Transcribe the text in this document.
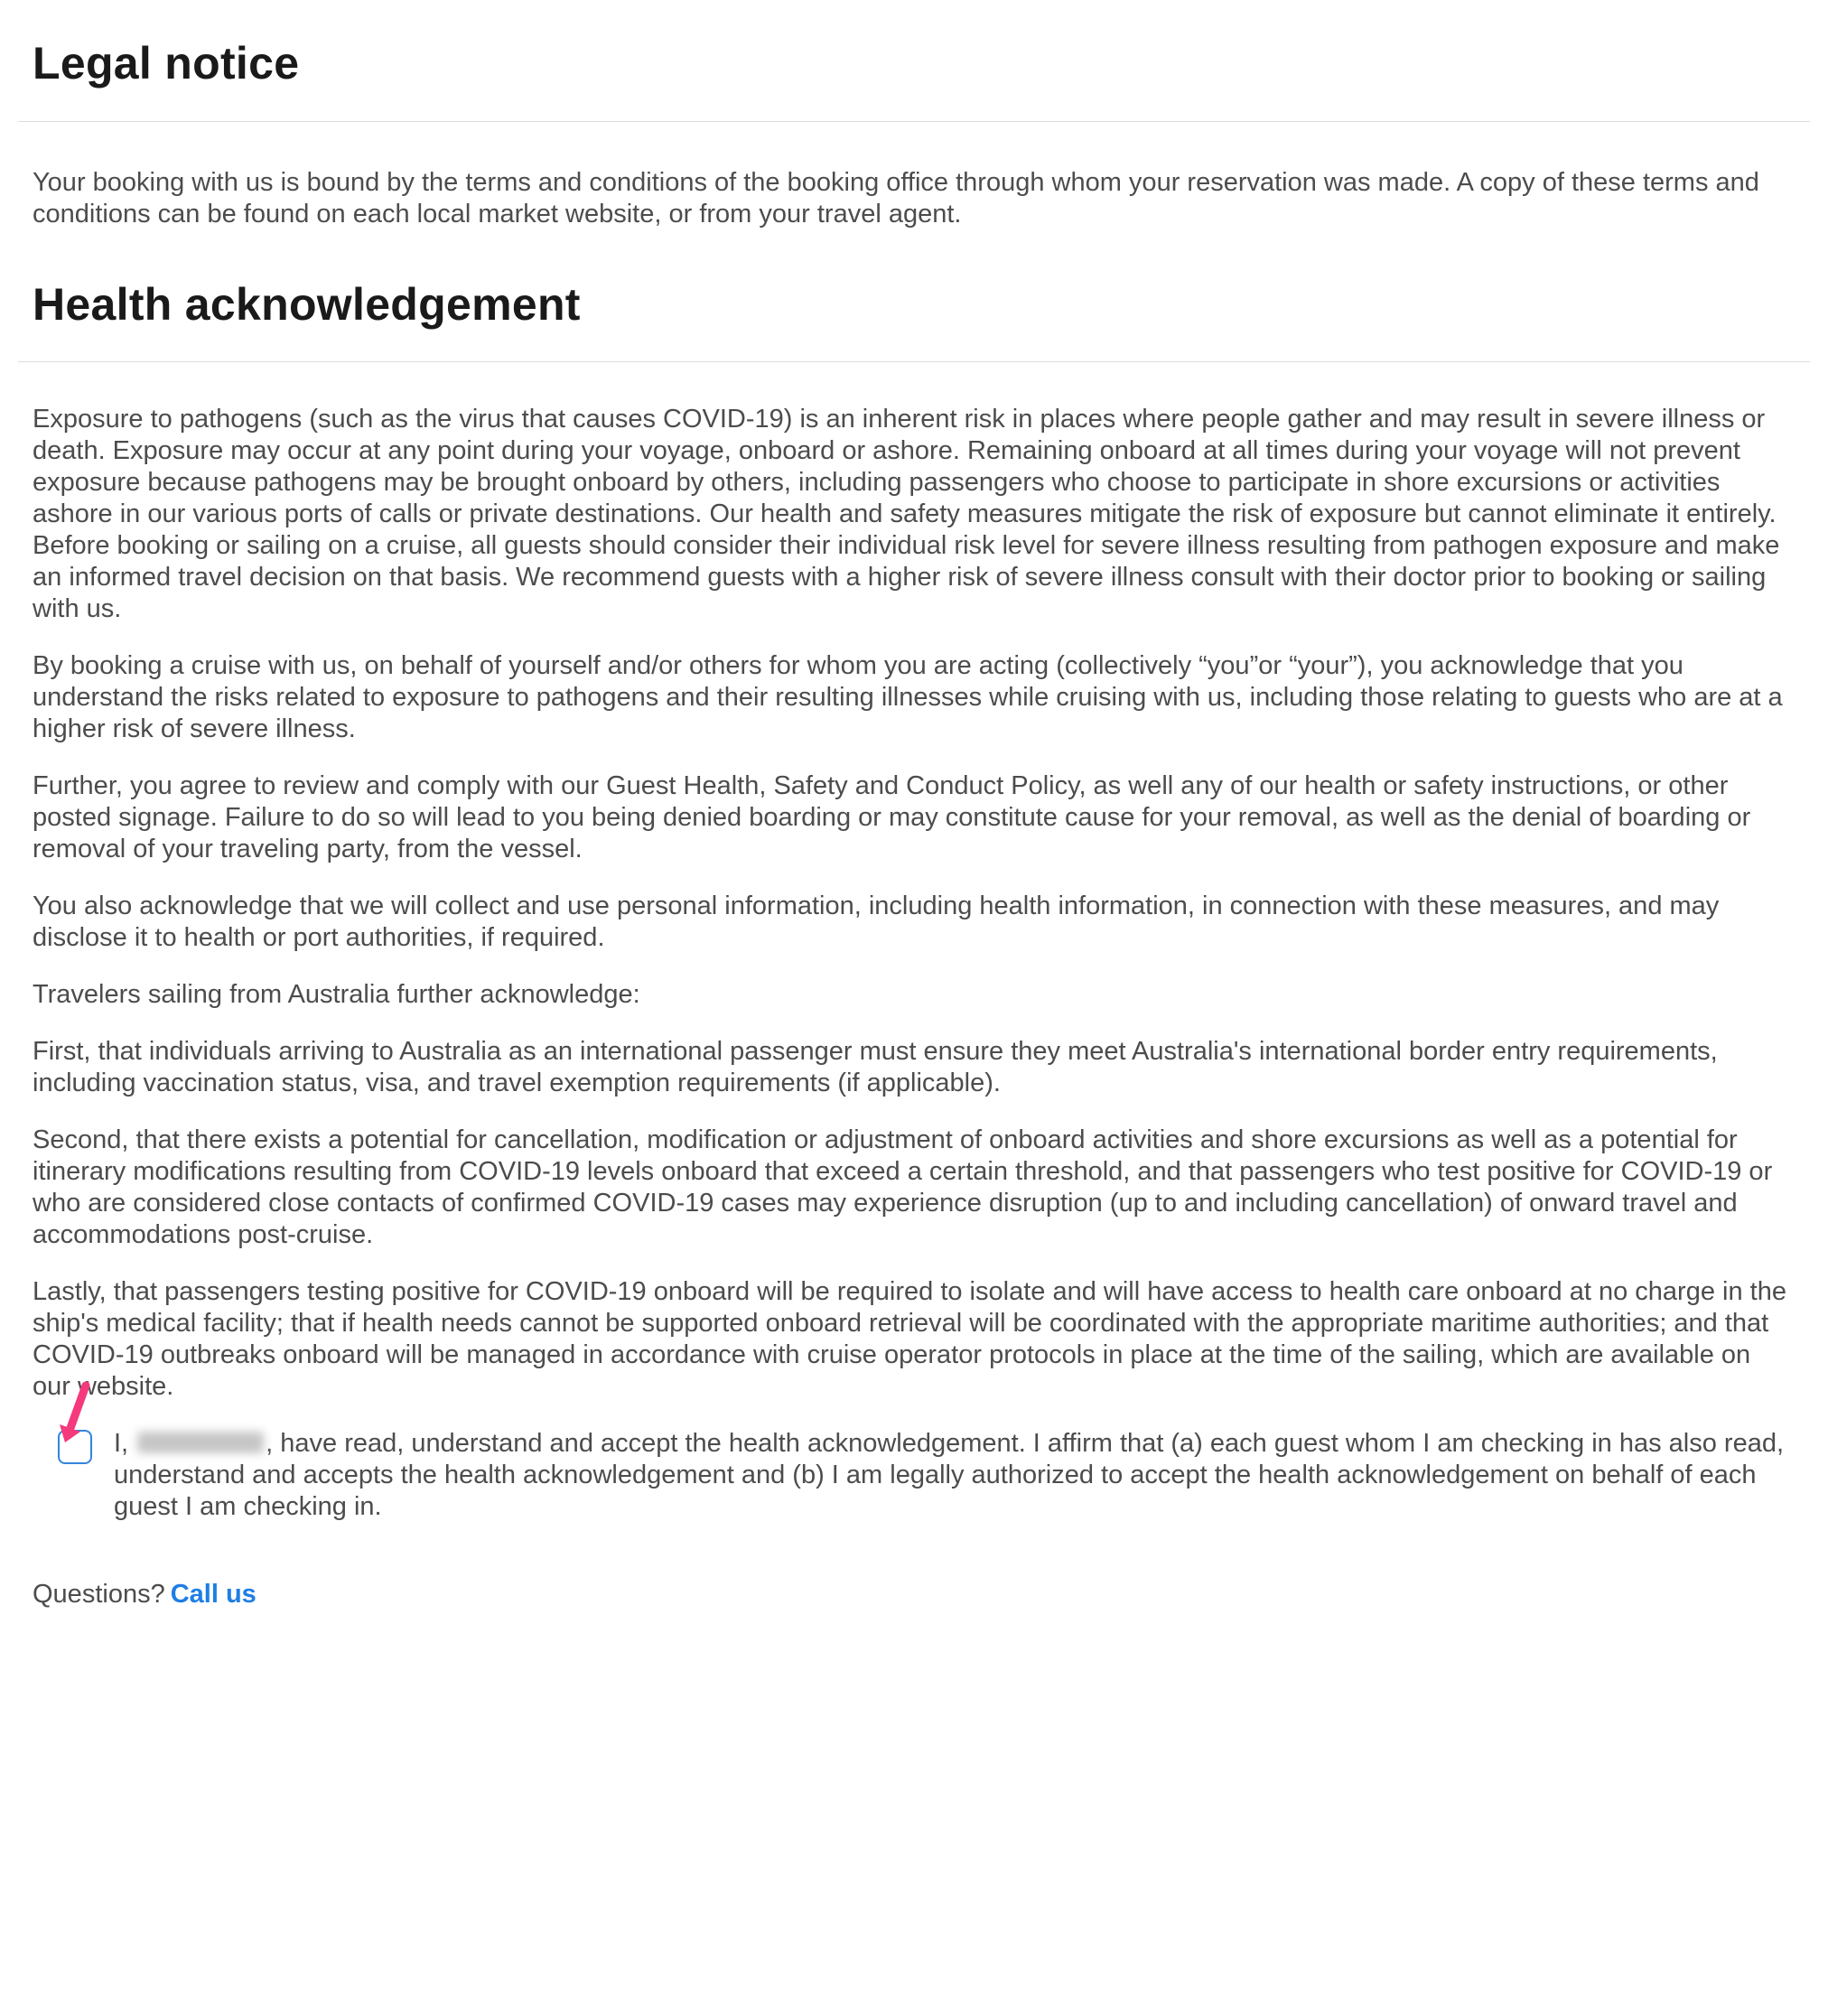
Legal notice

Your booking with us is bound by the terms and conditions of the booking office through whom your reservation was made. A copy of these terms and conditions can be found on each local market website, or from your travel agent.

Health acknowledgement

Exposure to pathogens (such as the virus that causes COVID-19) is an inherent risk in places where people gather and may result in severe illness or death. Exposure may occur at any point during your voyage, onboard or ashore. Remaining onboard at all times during your voyage will not prevent exposure because pathogens may be brought onboard by others, including passengers who choose to participate in shore excursions or activities ashore in our various ports of calls or private destinations. Our health and safety measures mitigate the risk of exposure but cannot eliminate it entirely. Before booking or sailing on a cruise, all guests should consider their individual risk level for severe illness resulting from pathogen exposure and make an informed travel decision on that basis. We recommend guests with a higher risk of severe illness consult with their doctor prior to booking or sailing with us.

By booking a cruise with us, on behalf of yourself and/or others for whom you are acting (collectively “you”or “your”), you acknowledge that you understand the risks related to exposure to pathogens and their resulting illnesses while cruising with us, including those relating to guests who are at a higher risk of severe illness.

Further, you agree to review and comply with our Guest Health, Safety and Conduct Policy, as well any of our health or safety instructions, or other posted signage. Failure to do so will lead to you being denied boarding or may constitute cause for your removal, as well as the denial of boarding or removal of your traveling party, from the vessel.

You also acknowledge that we will collect and use personal information, including health information, in connection with these measures, and may disclose it to health or port authorities, if required.

Travelers sailing from Australia further acknowledge:

First, that individuals arriving to Australia as an international passenger must ensure they meet Australia's international border entry requirements, including vaccination status, visa, and travel exemption requirements (if applicable).

Second, that there exists a potential for cancellation, modification or adjustment of onboard activities and shore excursions as well as a potential for itinerary modifications resulting from COVID-19 levels onboard that exceed a certain threshold, and that passengers who test positive for COVID-19 or who are considered close contacts of confirmed COVID-19 cases may experience disruption (up to and including cancellation) of onward travel and accommodations post-cruise.

Lastly, that passengers testing positive for COVID-19 onboard will be required to isolate and will have access to health care onboard at no charge in the ship's medical facility; that if health needs cannot be supported onboard retrieval will be coordinated with the appropriate maritime authorities; and that COVID-19 outbreaks onboard will be managed in accordance with cruise operator protocols in place at the time of the sailing, which are available on our website.

I,	, have read, understand and accept the health acknowledgement. I affirm that (a) each guest whom I am checking in has also read, understand and accepts the health acknowledgement and (b) I am legally authorized to accept the health acknowledgement on behalf of each guest I am checking in.

Questions? Call us
